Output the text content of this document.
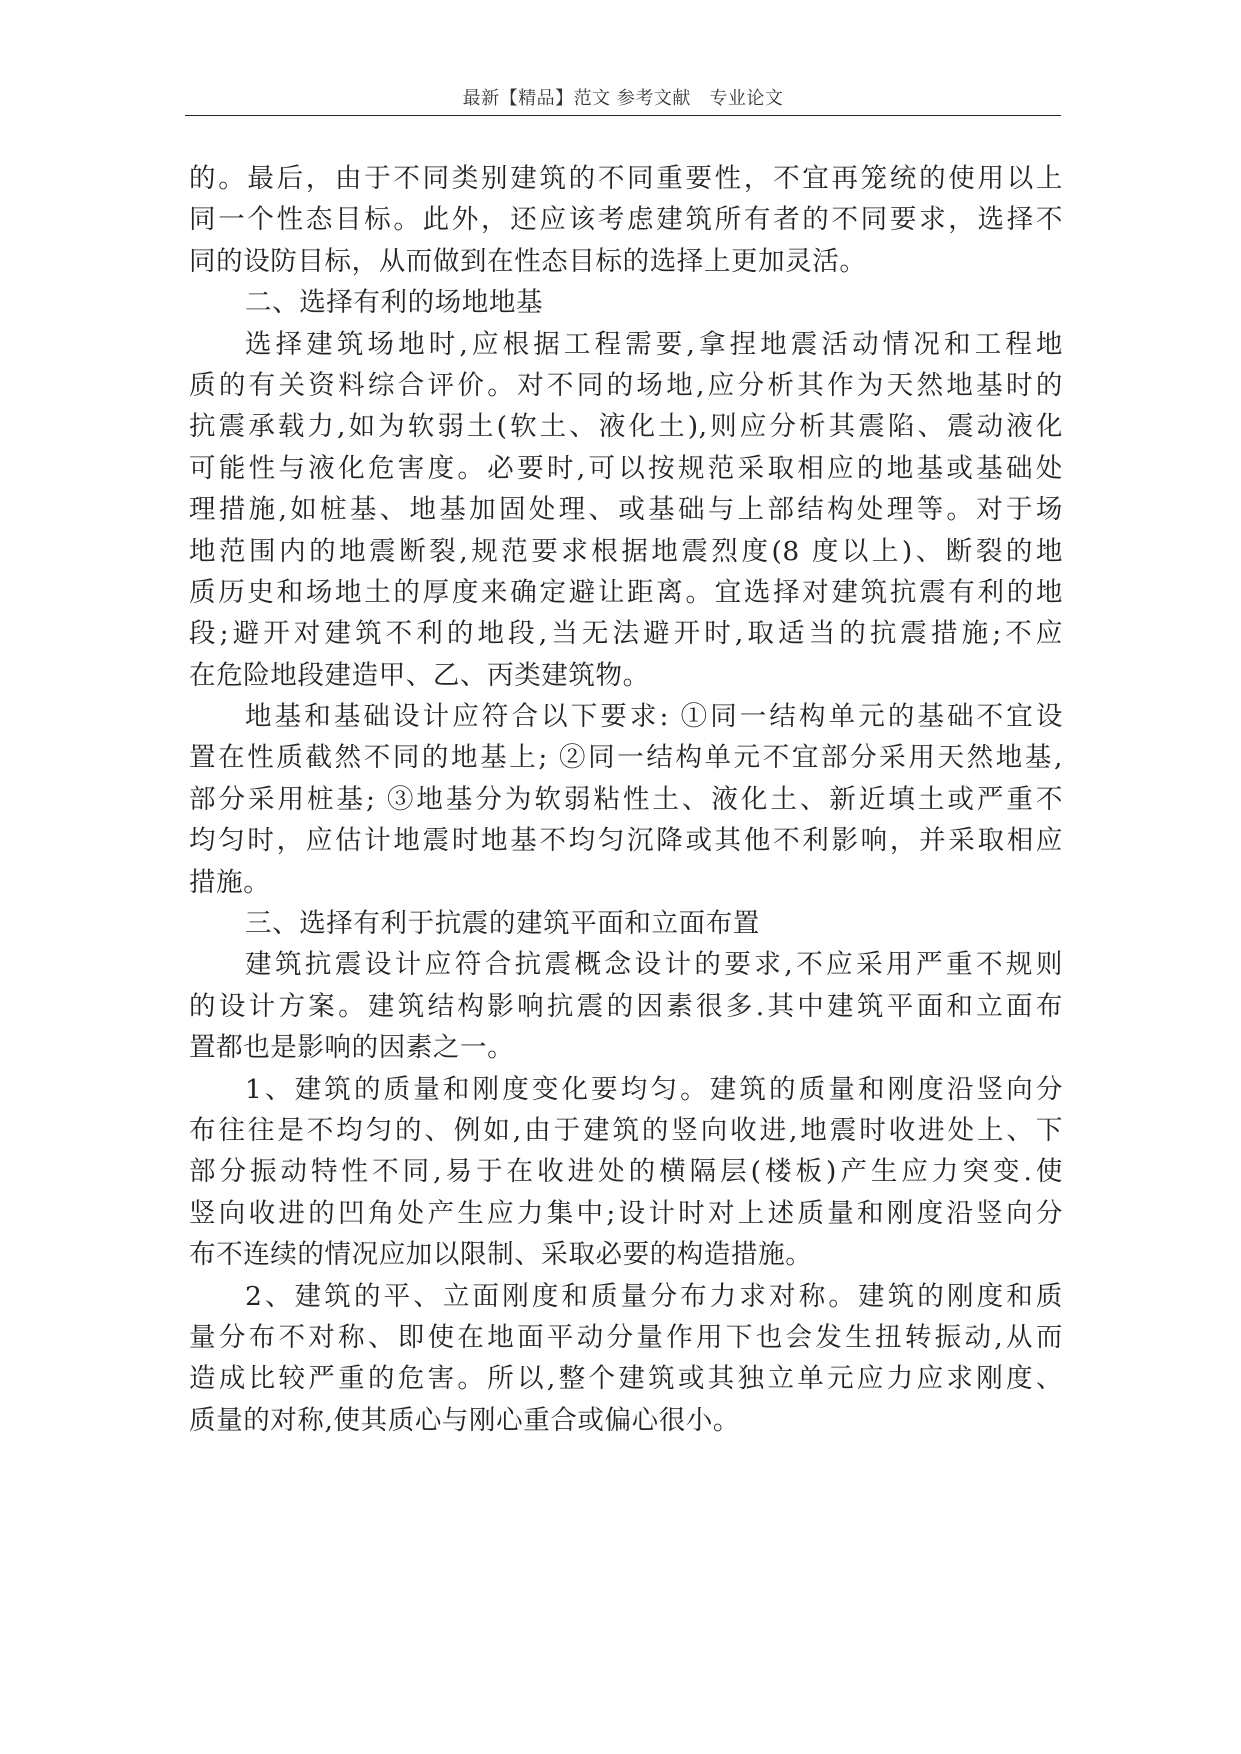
最新【精品】范文 参考文献　专业论文
的。最后，由于不同类别建筑的不同重要性，不宜再笼统的使用以上
同一个性态目标。此外，还应该考虑建筑所有者的不同要求，选择不
同的设防目标，从而做到在性态目标的选择上更加灵活。
二、选择有利的场地地基
选择建筑场地时,应根据工程需要,拿捏地震活动情况和工程地
质的有关资料综合评价。对不同的场地,应分析其作为天然地基时的
抗震承载力,如为软弱土(软土、液化土),则应分析其震陷、震动液化
可能性与液化危害度。必要时,可以按规范采取相应的地基或基础处
理措施,如桩基、地基加固处理、或基础与上部结构处理等。对于场
地范围内的地震断裂,规范要求根据地震烈度(8 度以上)、断裂的地
质历史和场地土的厚度来确定避让距离。宜选择对建筑抗震有利的地
段;避开对建筑不利的地段,当无法避开时,取适当的抗震措施;不应
在危险地段建造甲、乙、丙类建筑物。
地基和基础设计应符合以下要求: ①同一结构单元的基础不宜设
置在性质截然不同的地基上; ②同一结构单元不宜部分采用天然地基,
部分采用桩基; ③地基分为软弱粘性土、液化土、新近填土或严重不
均匀时，应估计地震时地基不均匀沉降或其他不利影响，并采取相应
措施。
三、选择有利于抗震的建筑平面和立面布置
建筑抗震设计应符合抗震概念设计的要求,不应采用严重不规则
的设计方案。建筑结构影响抗震的因素很多.其中建筑平面和立面布
置都也是影响的因素之一。
1、建筑的质量和刚度变化要均匀。建筑的质量和刚度沿竖向分
布往往是不均匀的、例如,由于建筑的竖向收进,地震时收进处上、下
部分振动特性不同,易于在收进处的横隔层(楼板)产生应力突变.使
竖向收进的凹角处产生应力集中;设计时对上述质量和刚度沿竖向分
布不连续的情况应加以限制、采取必要的构造措施。
2、建筑的平、立面刚度和质量分布力求对称。建筑的刚度和质
量分布不对称、即使在地面平动分量作用下也会发生扭转振动,从而
造成比较严重的危害。所以,整个建筑或其独立单元应力应求刚度、
质量的对称,使其质心与刚心重合或偏心很小。
